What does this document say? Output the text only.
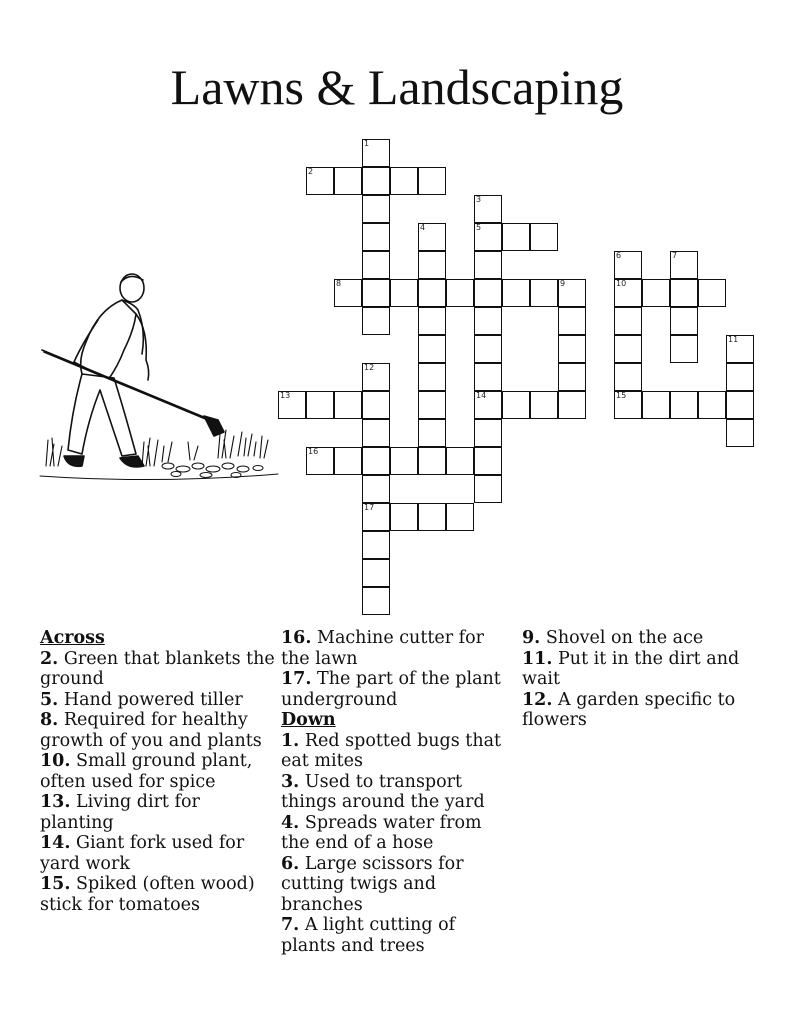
Lawns & Landscaping
2
5
8	9	10
13	14	15
16
17
1
3
4
6	7
11
12
Across
2. Green that blankets the ground
5. Hand powered tiller
8. Required for healthy growth of you and plants
10. Small ground plant, often used for spice
13. Living dirt for planting
14. Giant fork used for yard work
15. Spiked (often wood) stick for tomatoes
16. Machine cutter for the lawn
17. The part of the plant underground
Down
1. Red spotted bugs that eat mites
3. Used to transport things around the yard
4. Spreads water from the end of a hose
6. Large scissors for cutting twigs and branches
7. A light cutting of plants and trees
9. Shovel on the ace
11. Put it in the dirt and wait
12. A garden specific to flowers
